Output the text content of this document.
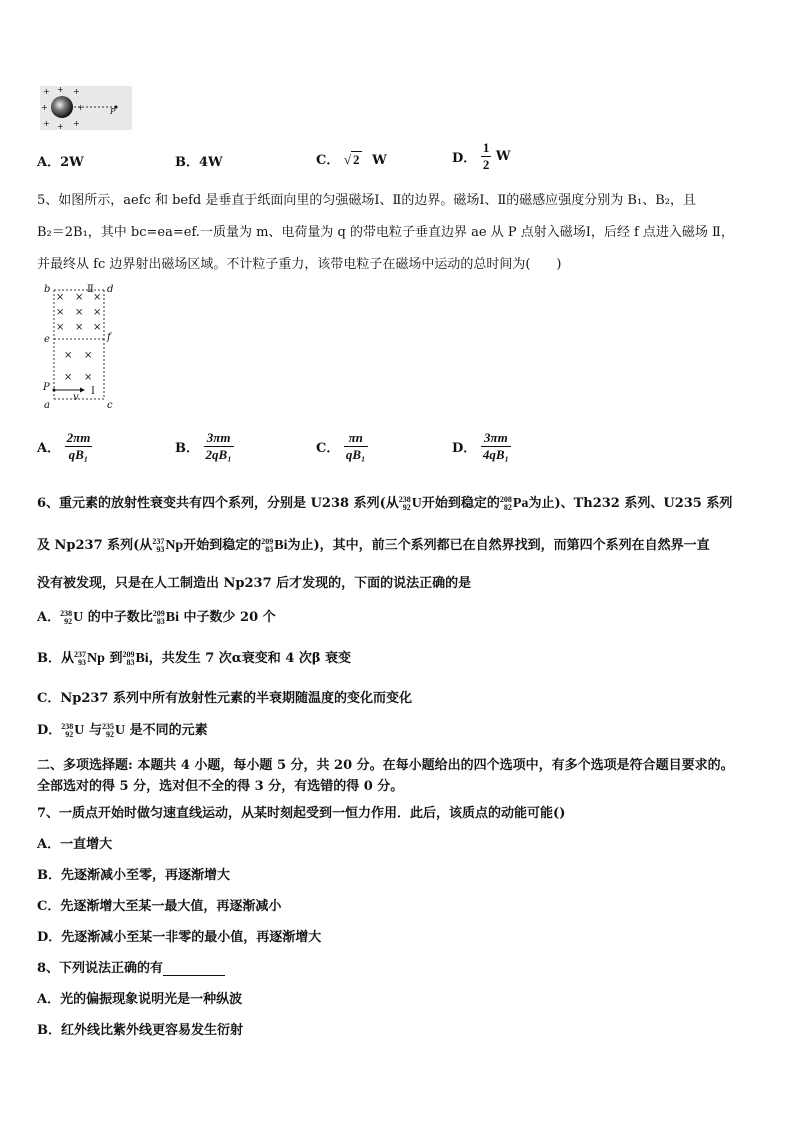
+ + +
+	+
+ + +
P
A．2W	B．4W	C． √ 2 W	D． $\frac{1}{2}$ W
5、如图所示，aefc 和 befd 是垂直于纸面向里的匀强磁场Ⅰ、Ⅱ的边界。磁场Ⅰ、Ⅱ的磁感应强度分别为 B₁、B₂，且
B₂＝2B₁，其中 bc=ea=ef.一质量为 m、电荷量为 q 的带电粒子垂直边界 ae 从 P 点射入磁场Ⅰ，后经 f 点进入磁场 Ⅱ，
并最终从 fc 边界射出磁场区域。不计粒子重力，该带电粒子在磁场中运动的总时间为(　　)
b	d
Ⅱ
e	f
P
v
Ⅰ
a	c
× × ×
× × ×
× × ×
× ×
× ×
A． $\frac{2\pi m}{\text{qB₁}}$	B． $\frac{3\pi m}{\text{2qB₁}}$	C． $\frac{\pi n}{\text{qB₁}}$	D． $\frac{3\pi m}{\text{4qB₁}}$
6、重元素的放射性衰变共有四个系列，分别是 U238 系列(从 238
92 U开始到稳定的 208
82 Pa为止)、Th232 系列、U235 系列
及 Np237 系列(从 237
93 Np开始到稳定的 209
83 Bi为止)，其中，前三个系列都已在自然界找到，而第四个系列在自然界一直
没有被发现，只是在人工制造出 Np237 后才发现的，下面的说法正确的是
A． 238
92 U 的中子数比 209
83 Bi 中子数少 20 个
B．从 237
93 Np 到 209
83 Bi，共发生 7 次α衰变和 4 次β 衰变
C．Np237 系列中所有放射性元素的半衰期随温度的变化而变化
D． 238
92 U 与 235
92 U 是不同的元素
二、多项选择题: 本题共 4 小题，每小题 5 分，共 20 分。在每小题给出的四个选项中，有多个选项是符合题目要求的。
全部选对的得 5 分，选对但不全的得 3 分，有选错的得 0 分。
7、一质点开始时做匀速直线运动，从某时刻起受到一恒力作用．此后，该质点的动能可能()
A．一直增大
B．先逐渐减小至零，再逐渐增大
C．先逐渐增大至某一最大值，再逐渐减小
D．先逐渐减小至某一非零的最小值，再逐渐增大
8、下列说法正确的有
A．光的偏振现象说明光是一种纵波
B．红外线比紫外线更容易发生衍射
